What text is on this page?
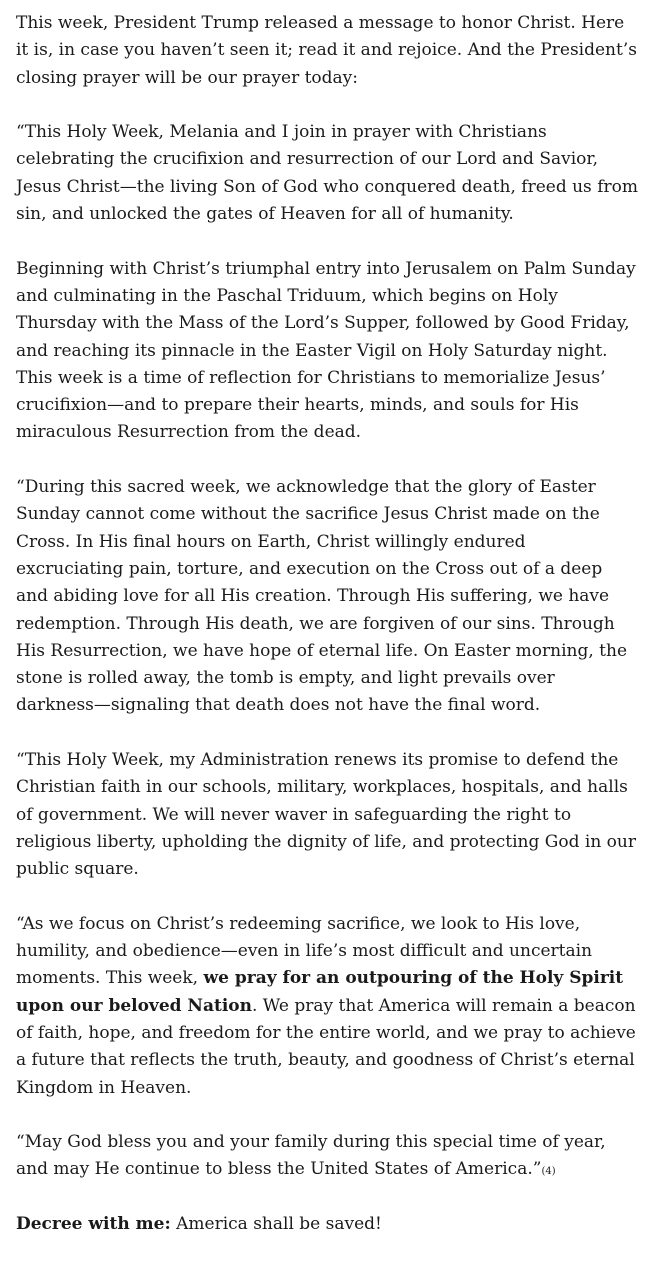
This week, President Trump released a message to honor Christ. Here it is, in case you haven’t seen it; read it and rejoice. And the President’s closing prayer will be our prayer today:

“This Holy Week, Melania and I join in prayer with Christians celebrating the crucifixion and resurrection of our Lord and Savior, Jesus Christ—the living Son of God who conquered death, freed us from sin, and unlocked the gates of Heaven for all of humanity.

Beginning with Christ’s triumphal entry into Jerusalem on Palm Sunday and culminating in the Paschal Triduum, which begins on Holy Thursday with the Mass of the Lord’s Supper, followed by Good Friday, and reaching its pinnacle in the Easter Vigil on Holy Saturday night. This week is a time of reflection for Christians to memorialize Jesus’ crucifixion—and to prepare their hearts, minds, and souls for His miraculous Resurrection from the dead.

“During this sacred week, we acknowledge that the glory of Easter Sunday cannot come without the sacrifice Jesus Christ made on the Cross. In His final hours on Earth, Christ willingly endured excruciating pain, torture, and execution on the Cross out of a deep and abiding love for all His creation. Through His suffering, we have redemption. Through His death, we are forgiven of our sins. Through His Resurrection, we have hope of eternal life. On Easter morning, the stone is rolled away, the tomb is empty, and light prevails over darkness—signaling that death does not have the final word.

“This Holy Week, my Administration renews its promise to defend the Christian faith in our schools, military, workplaces, hospitals, and halls of government. We will never waver in safeguarding the right to religious liberty, upholding the dignity of life, and protecting God in our public square.

“As we focus on Christ’s redeeming sacrifice, we look to His love, humility, and obedience—even in life’s most difficult and uncertain moments. This week, we pray for an outpouring of the Holy Spirit upon our beloved Nation. We pray that America will remain a beacon of faith, hope, and freedom for the entire world, and we pray to achieve a future that reflects the truth, beauty, and goodness of Christ’s eternal Kingdom in Heaven.

“May God bless you and your family during this special time of year, and may He continue to bless the United States of America.”(4)

Decree with me: America shall be saved!
